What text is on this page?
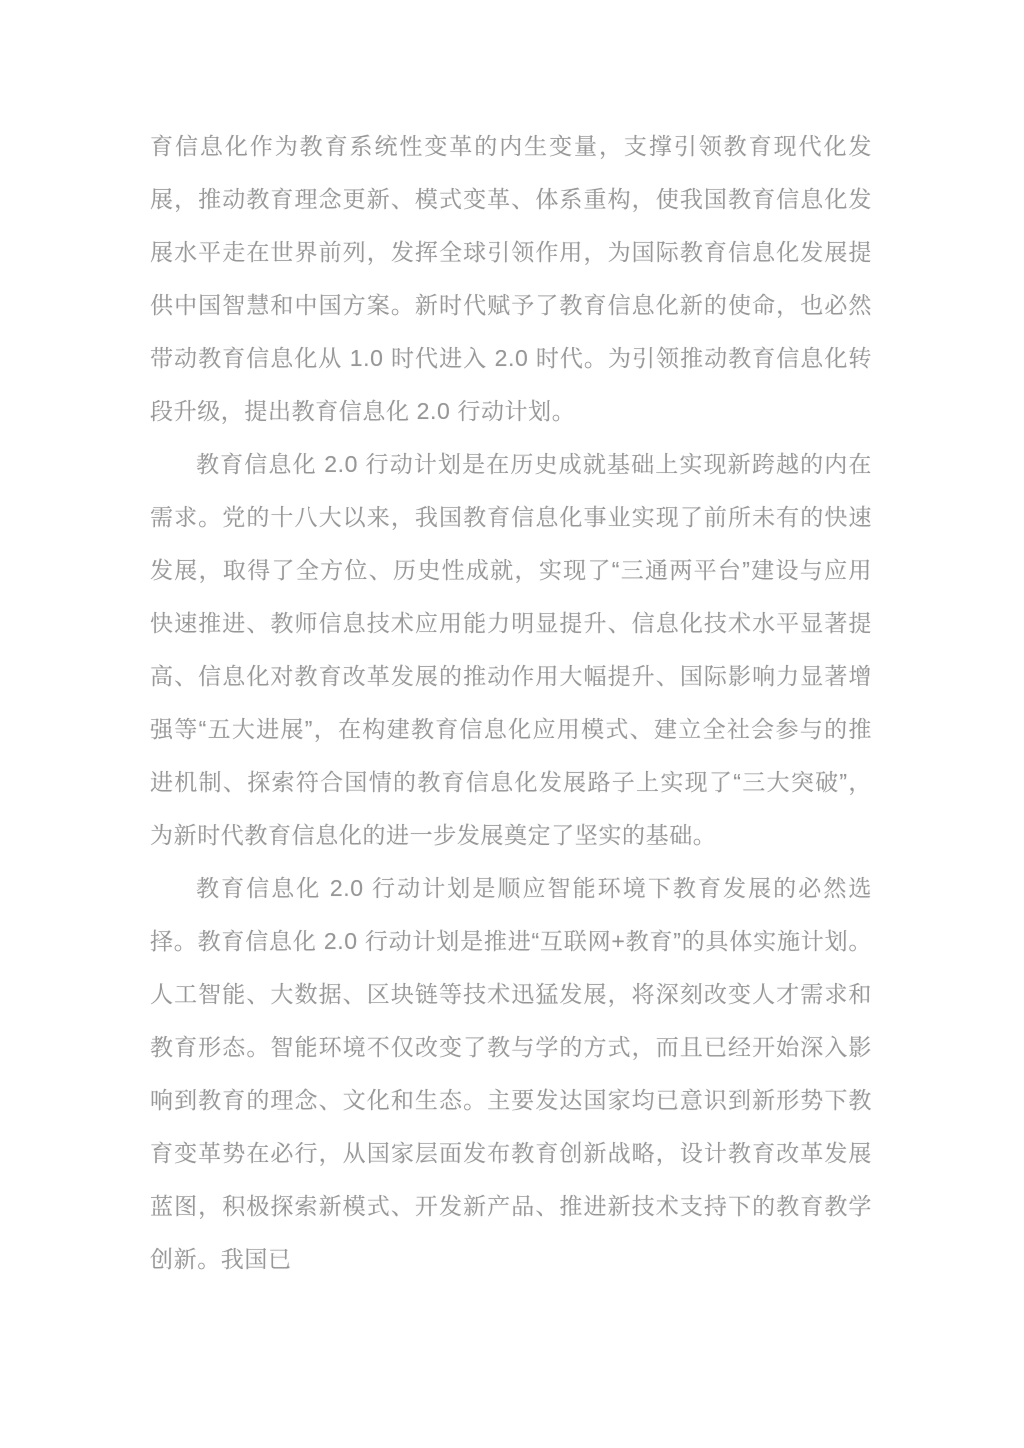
育信息化作为教育系统性变革的内生变量，支撑引领教育现代化发展，推动教育理念更新、模式变革、体系重构，使我国教育信息化发展水平走在世界前列，发挥全球引领作用，为国际教育信息化发展提供中国智慧和中国方案。新时代赋予了教育信息化新的使命，也必然带动教育信息化从 1.0 时代进入 2.0 时代。为引领推动教育信息化转段升级，提出教育信息化 2.0 行动计划。

教育信息化 2.0 行动计划是在历史成就基础上实现新跨越的内在需求。党的十八大以来，我国教育信息化事业实现了前所未有的快速发展，取得了全方位、历史性成就，实现了“三通两平台”建设与应用快速推进、教师信息技术应用能力明显提升、信息化技术水平显著提高、信息化对教育改革发展的推动作用大幅提升、国际影响力显著增强等“五大进展”，在构建教育信息化应用模式、建立全社会参与的推进机制、探索符合国情的教育信息化发展路子上实现了“三大突破”，为新时代教育信息化的进一步发展奠定了坚实的基础。

教育信息化 2.0 行动计划是顺应智能环境下教育发展的必然选择。教育信息化 2.0 行动计划是推进“互联网+教育”的具体实施计划。人工智能、大数据、区块链等技术迅猛发展，将深刻改变人才需求和教育形态。智能环境不仅改变了教与学的方式，而且已经开始深入影响到教育的理念、文化和生态。主要发达国家均已意识到新形势下教育变革势在必行，从国家层面发布教育创新战略，设计教育改革发展蓝图，积极探索新模式、开发新产品、推进新技术支持下的教育教学创新。我国已
